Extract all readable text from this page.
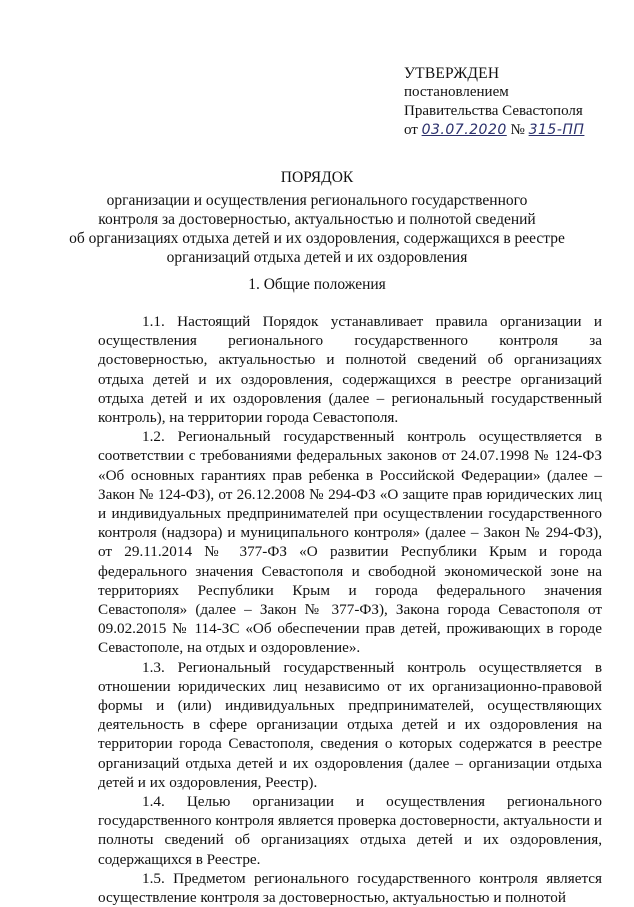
УТВЕРЖДЕН
постановлением
Правительства Севастополя
от 03.07.2020 № 315-ПП
ПОРЯДОК
организации и осуществления регионального государственного
контроля за достоверностью, актуальностью и полнотой сведений
об организациях отдыха детей и их оздоровления, содержащихся в реестре
организаций отдыха детей и их оздоровления
1. Общие положения

1.1. Настоящий Порядок устанавливает правила организации и осуществления регионального государственного контроля за достоверностью, актуальностью и полнотой сведений об организациях отдыха детей и их оздоровления, содержащихся в реестре организаций отдыха детей и их оздоровления (далее – региональный государственный контроль), на территории города Севастополя.

1.2. Региональный государственный контроль осуществляется в соответствии с требованиями федеральных законов от 24.07.1998 № 124-ФЗ «Об основных гарантиях прав ребенка в Российской Федерации» (далее – Закон № 124-ФЗ), от 26.12.2008 № 294-ФЗ «О защите прав юридических лиц и индивидуальных предпринимателей при осуществлении государственного контроля (надзора) и муниципального контроля» (далее – Закон № 294-ФЗ), от 29.11.2014 № 377-ФЗ «О развитии Республики Крым и города федерального значения Севастополя и свободной экономической зоне на территориях Республики Крым и города федерального значения Севастополя» (далее – Закон № 377-ФЗ), Закона города Севастополя от 09.02.2015 № 114-ЗС «Об обеспечении прав детей, проживающих в городе Севастополе, на отдых и оздоровление».

1.3. Региональный государственный контроль осуществляется в отношении юридических лиц независимо от их организационно-правовой формы и (или) индивидуальных предпринимателей, осуществляющих деятельность в сфере организации отдыха детей и их оздоровления на территории города Севастополя, сведения о которых содержатся в реестре организаций отдыха детей и их оздоровления (далее – организации отдыха детей и их оздоровления, Реестр).

1.4. Целью организации и осуществления регионального государственного контроля является проверка достоверности, актуальности и полноты сведений об организациях отдыха детей и их оздоровления, содержащихся в Реестре.

1.5. Предметом регионального государственного контроля является осуществление контроля за достоверностью, актуальностью и полнотой
